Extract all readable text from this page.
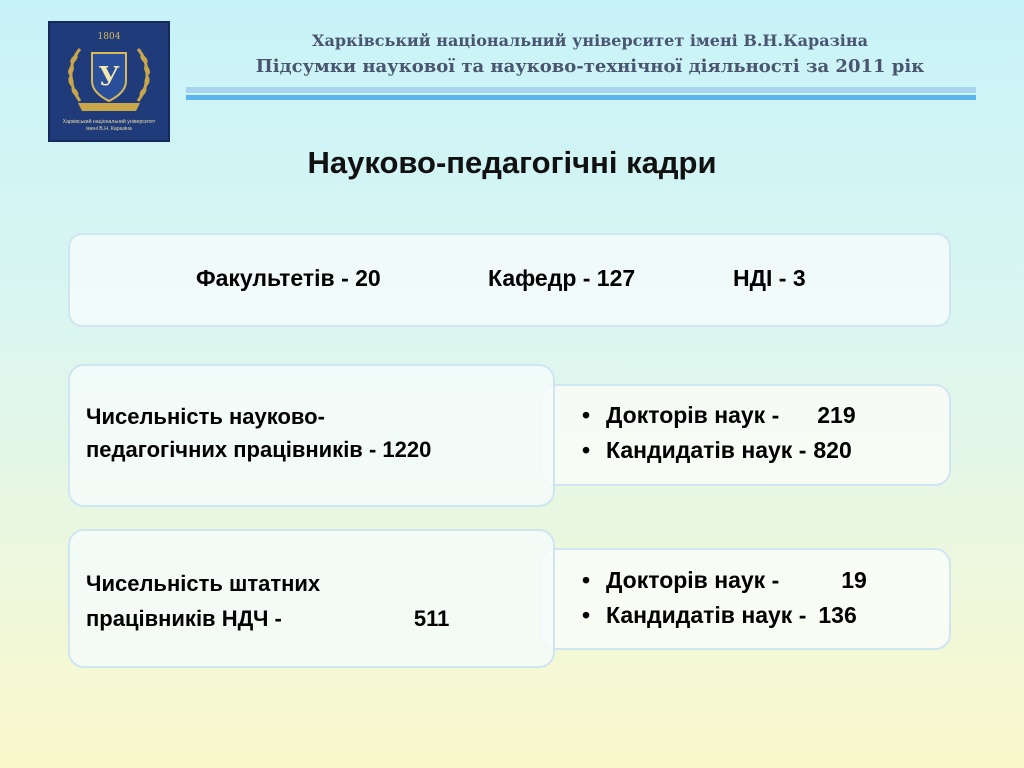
1804
У
Харківський національний університет
імені В.Н. Каразіна
Харківський національний університет імені В.Н.Каразіна
Підсумки наукової та науково-технічної діяльності за 2011 рік
Науково-педагогічні кадри
Факультетів - 20	Кафедр - 127	НДІ - 3
Чисельність науково-
педагогічних працівників - 1220
• Докторів наук - 219
• Кандидатів наук - 820
Чисельність штатних
працівників НДЧ -	511
• Докторів наук -	19
• Кандидатів наук - 136
